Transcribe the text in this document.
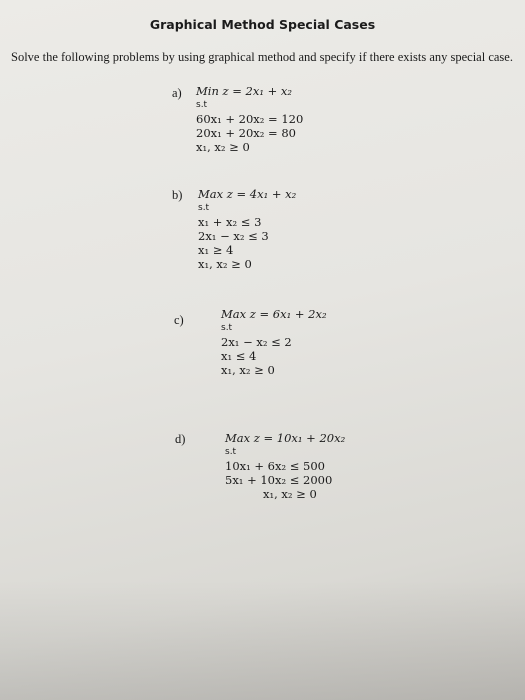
Graphical Method Special Cases
Solve the following problems by using graphical method and specify if there exists any special case.
a) Min z = 2x₁ + x₂
s.t
60x₁ + 20x₂ = 120
20x₁ + 20x₂ = 80
x₁, x₂ ≥ 0
b) Max z = 4x₁ + x₂
s.t
x₁ + x₂ ≤ 3
2x₁ − x₂ ≤ 3
x₁ ≥ 4
x₁, x₂ ≥ 0
c)	Max z = 6x₁ + 2x₂
s.t
2x₁ − x₂ ≤ 2
x₁ ≤ 4
x₁, x₂ ≥ 0
d)	Max z = 10x₁ + 20x₂
s.t
10x₁ + 6x₂ ≤ 500
5x₁ + 10x₂ ≤ 2000
x₁, x₂ ≥ 0
